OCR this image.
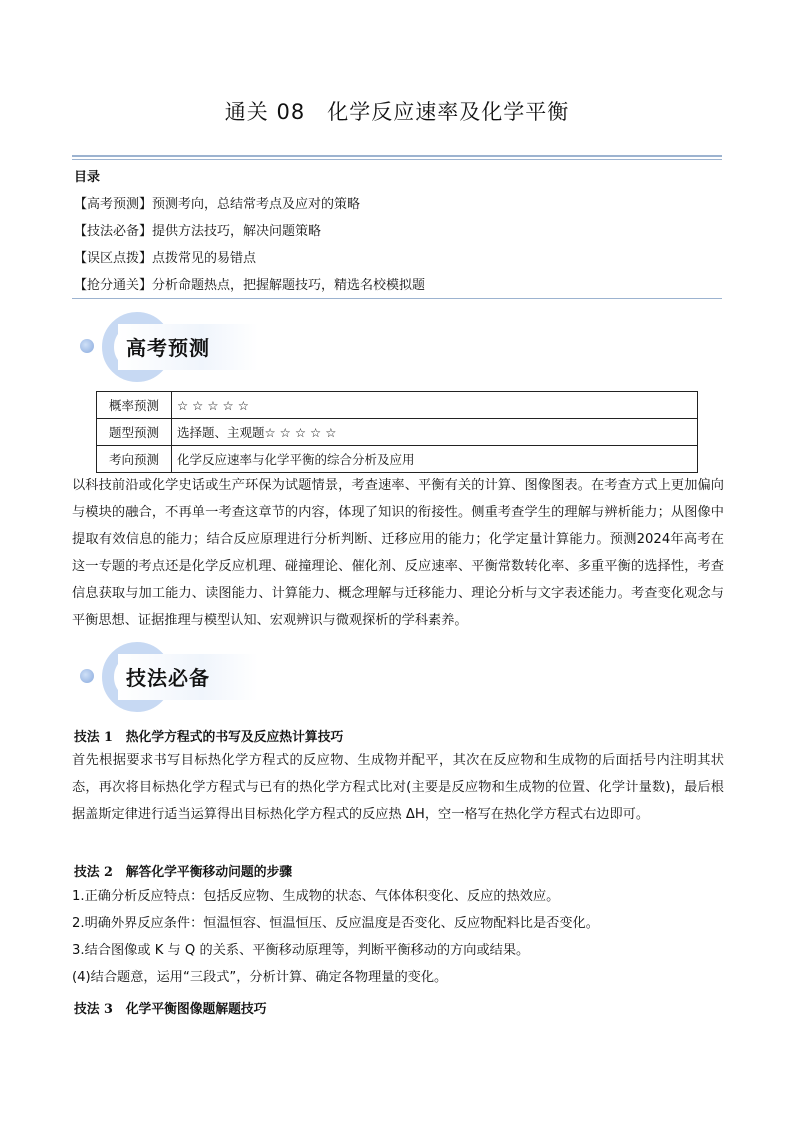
通关 08　化学反应速率及化学平衡
目录
【高考预测】预测考向，总结常考点及应对的策略
【技法必备】提供方法技巧，解决问题策略
【误区点拨】点拨常见的易错点
【抢分通关】分析命题热点，把握解题技巧，精选名校模拟题
高考预测
概率预测	☆ ☆ ☆ ☆ ☆
题型预测	选择题、主观题☆ ☆ ☆ ☆ ☆
考向预测	化学反应速率与化学平衡的综合分析及应用
以科技前沿或化学史话或生产环保为试题情景，考查速率、平衡有关的计算、图像图表。在考查方式上更加偏向与模块的融合，不再单一考查这章节的内容，体现了知识的衔接性。侧重考查学生的理解与辨析能力；从图像中提取有效信息的能力；结合反应原理进行分析判断、迁移应用的能力；化学定量计算能力。预测2024年高考在这一专题的考点还是化学反应机理、碰撞理论、催化剂、反应速率、平衡常数转化率、多重平衡的选择性，考查信息获取与加工能力、读图能力、计算能力、概念理解与迁移能力、理论分析与文字表述能力。考查变化观念与平衡思想、证据推理与模型认知、宏观辨识与微观探析的学科素养。
技法必备
技法 1　热化学方程式的书写及反应热计算技巧
首先根据要求书写目标热化学方程式的反应物、生成物并配平，其次在反应物和生成物的后面括号内注明其状态，再次将目标热化学方程式与已有的热化学方程式比对(主要是反应物和生成物的位置、化学计量数)，最后根据盖斯定律进行适当运算得出目标热化学方程式的反应热 ΔH，空一格写在热化学方程式右边即可。
技法 2　解答化学平衡移动问题的步骤
1.正确分析反应特点：包括反应物、生成物的状态、气体体积变化、反应的热效应。
2.明确外界反应条件：恒温恒容、恒温恒压、反应温度是否变化、反应物配料比是否变化。
3.结合图像或 K 与 Q 的关系、平衡移动原理等，判断平衡移动的方向或结果。
(4)结合题意，运用“三段式”，分析计算、确定各物理量的变化。
技法 3　化学平衡图像题解题技巧
